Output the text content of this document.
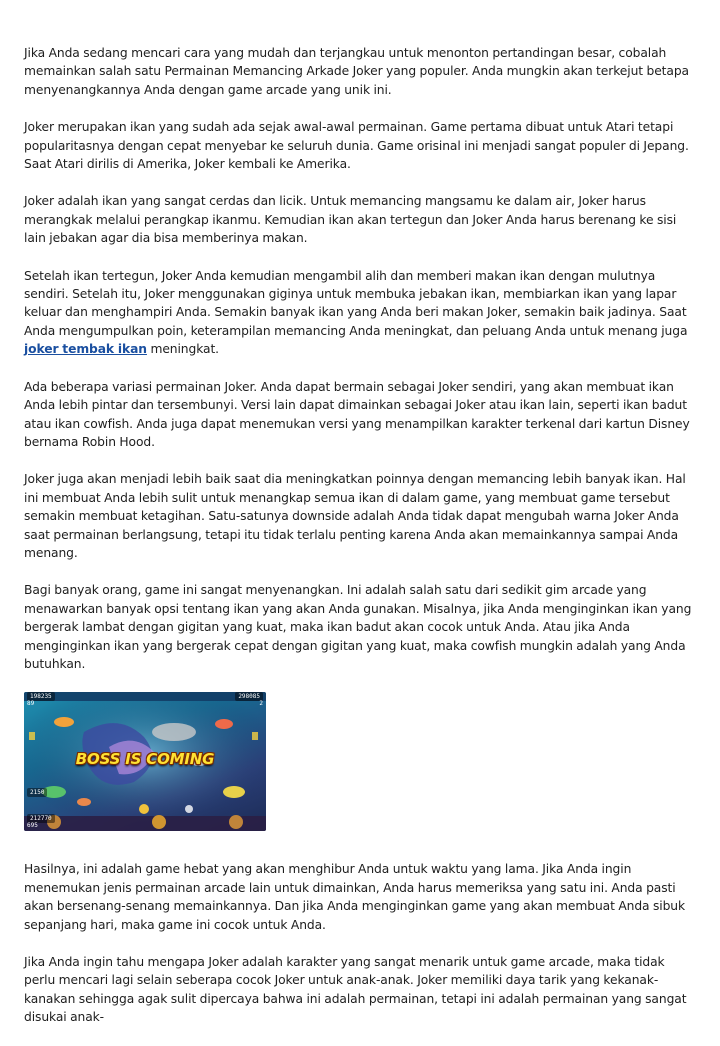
Jika Anda sedang mencari cara yang mudah dan terjangkau untuk menonton pertandingan besar, cobalah memainkan salah satu Permainan Memancing Arkade Joker yang populer. Anda mungkin akan terkejut betapa menyenangkannya Anda dengan game arcade yang unik ini.

Joker merupakan ikan yang sudah ada sejak awal-awal permainan. Game pertama dibuat untuk Atari tetapi popularitasnya dengan cepat menyebar ke seluruh dunia. Game orisinal ini menjadi sangat populer di Jepang. Saat Atari dirilis di Amerika, Joker kembali ke Amerika.

Joker adalah ikan yang sangat cerdas dan licik. Untuk memancing mangsamu ke dalam air, Joker harus merangkak melalui perangkap ikanmu. Kemudian ikan akan tertegun dan Joker Anda harus berenang ke sisi lain jebakan agar dia bisa memberinya makan.

Setelah ikan tertegun, Joker Anda kemudian mengambil alih dan memberi makan ikan dengan mulutnya sendiri. Setelah itu, Joker menggunakan giginya untuk membuka jebakan ikan, membiarkan ikan yang lapar keluar dan menghampiri Anda. Semakin banyak ikan yang Anda beri makan Joker, semakin baik jadinya. Saat Anda mengumpulkan poin, keterampilan memancing Anda meningkat, dan peluang Anda untuk menang juga joker tembak ikan meningkat.

Ada beberapa variasi permainan Joker. Anda dapat bermain sebagai Joker sendiri, yang akan membuat ikan Anda lebih pintar dan tersembunyi. Versi lain dapat dimainkan sebagai Joker atau ikan lain, seperti ikan badut atau ikan cowfish. Anda juga dapat menemukan versi yang menampilkan karakter terkenal dari kartun Disney bernama Robin Hood.

Joker juga akan menjadi lebih baik saat dia meningkatkan poinnya dengan memancing lebih banyak ikan. Hal ini membuat Anda lebih sulit untuk menangkap semua ikan di dalam game, yang membuat game tersebut semakin membuat ketagihan. Satu-satunya downside adalah Anda tidak dapat mengubah warna Joker Anda saat permainan berlangsung, tetapi itu tidak terlalu penting karena Anda akan memainkannya sampai Anda menang.

Bagi banyak orang, game ini sangat menyenangkan. Ini adalah salah satu dari sedikit gim arcade yang menawarkan banyak opsi tentang ikan yang akan Anda gunakan. Misalnya, jika Anda menginginkan ikan yang bergerak lambat dengan gigitan yang kuat, maka ikan badut akan cocok untuk Anda. Atau jika Anda menginginkan ikan yang bergerak cepat dengan gigitan yang kuat, maka cowfish mungkin adalah yang Anda butuhkan.

BOSS IS COMING
198235
89
298085
2
2150
212770
695

Hasilnya, ini adalah game hebat yang akan menghibur Anda untuk waktu yang lama. Jika Anda ingin menemukan jenis permainan arcade lain untuk dimainkan, Anda harus memeriksa yang satu ini. Anda pasti akan bersenang-senang memainkannya. Dan jika Anda menginginkan game yang akan membuat Anda sibuk sepanjang hari, maka game ini cocok untuk Anda.

Jika Anda ingin tahu mengapa Joker adalah karakter yang sangat menarik untuk game arcade, maka tidak perlu mencari lagi selain seberapa cocok Joker untuk anak-anak. Joker memiliki daya tarik yang kekanak-kanakan sehingga agak sulit dipercaya bahwa ini adalah permainan, tetapi ini adalah permainan yang sangat disukai anak-
